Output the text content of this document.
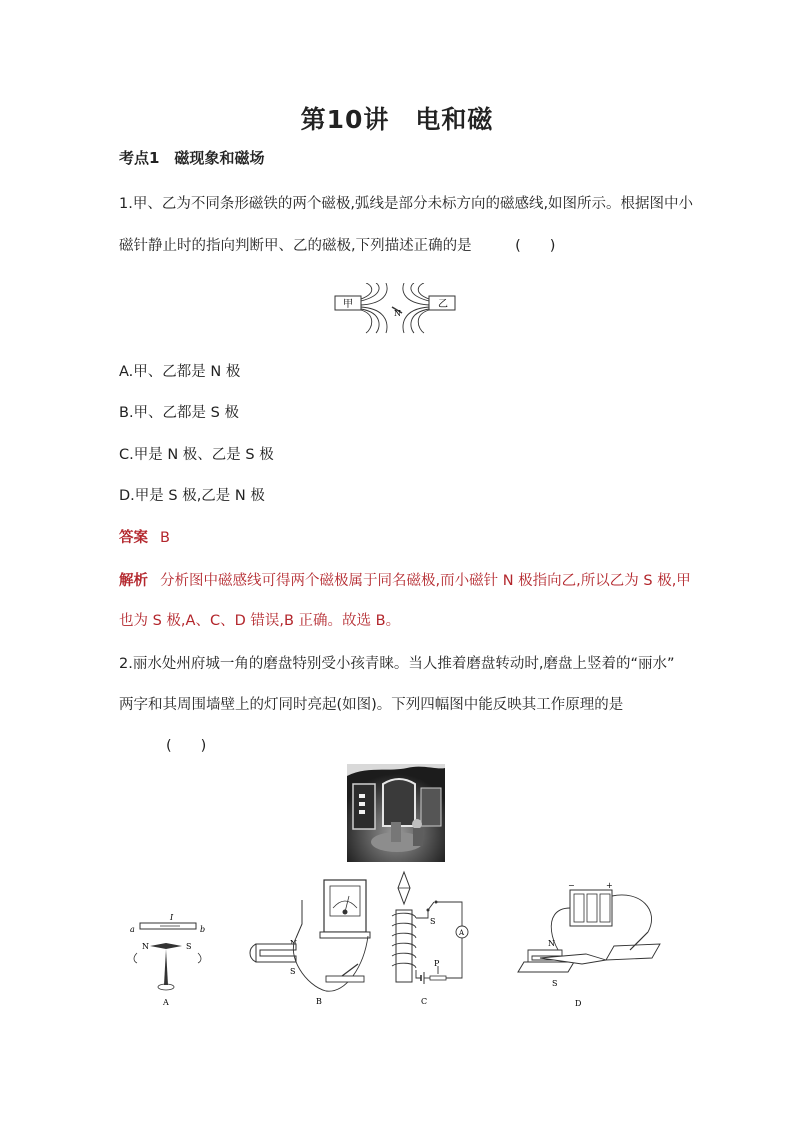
第10讲　电和磁
考点1　磁现象和磁场
1.甲、乙为不同条形磁铁的两个磁极,弧线是部分未标方向的磁感线,如图所示。根据图中小
磁针静止时的指向判断甲、乙的磁极,下列描述正确的是　　　(　　)
甲	乙
N
A.甲、乙都是 N 极
B.甲、乙都是 S 极
C.甲是 N 极、乙是 S 极
D.甲是 S 极,乙是 N 极
答案 B
解析 分析图中磁感线可得两个磁极属于同名磁极,而小磁针 N 极指向乙,所以乙为 S 极,甲
也为 S 极,A、C、D 错误,B 正确。故选 B。
2.丽水处州府城一角的磨盘特别受小孩青睐。当人推着磨盘转动时,磨盘上竖着的“丽水”
两字和其周围墙壁上的灯同时亮起(如图)。下列四幅图中能反映其工作原理的是
(　　)
a	b
I
N	S
A
S
B
S
A
P
C
−	+
N
S
D
